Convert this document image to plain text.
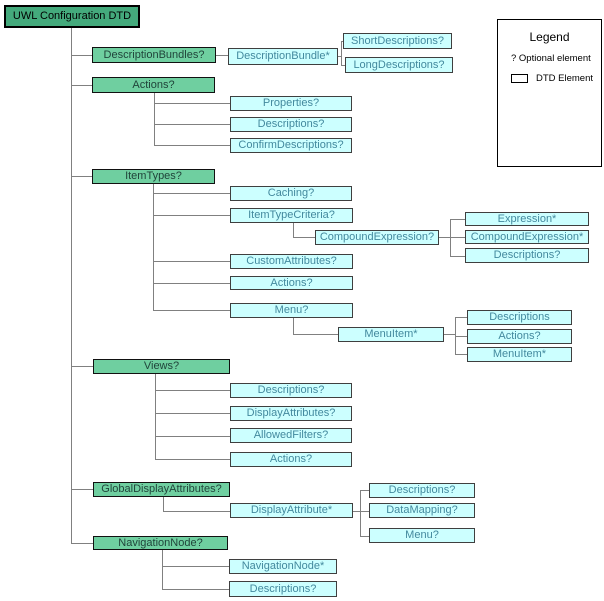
UWL Configuration DTD
DescriptionBundles?	DescriptionBundle*
ShortDescriptions?
LongDescriptions?
Actions?
Properties?
Descriptions?
ConfirmDescriptions?
ItemTypes?
Caching?
ItemTypeCriteria?
CompoundExpression?
Expression*
CompoundExpression*
Descriptions?
CustomAttributes?
Actions?
Menu?
MenuItem*
Descriptions
Actions?
MenuItem*
Views?
Descriptions?
DisplayAttributes?
AllowedFilters?
Actions?
GlobalDisplayAttributes?
DisplayAttribute*
Descriptions?
DataMapping?
Menu?
NavigationNode?
NavigationNode*
Descriptions?
Legend
? Optional element
DTD Element
